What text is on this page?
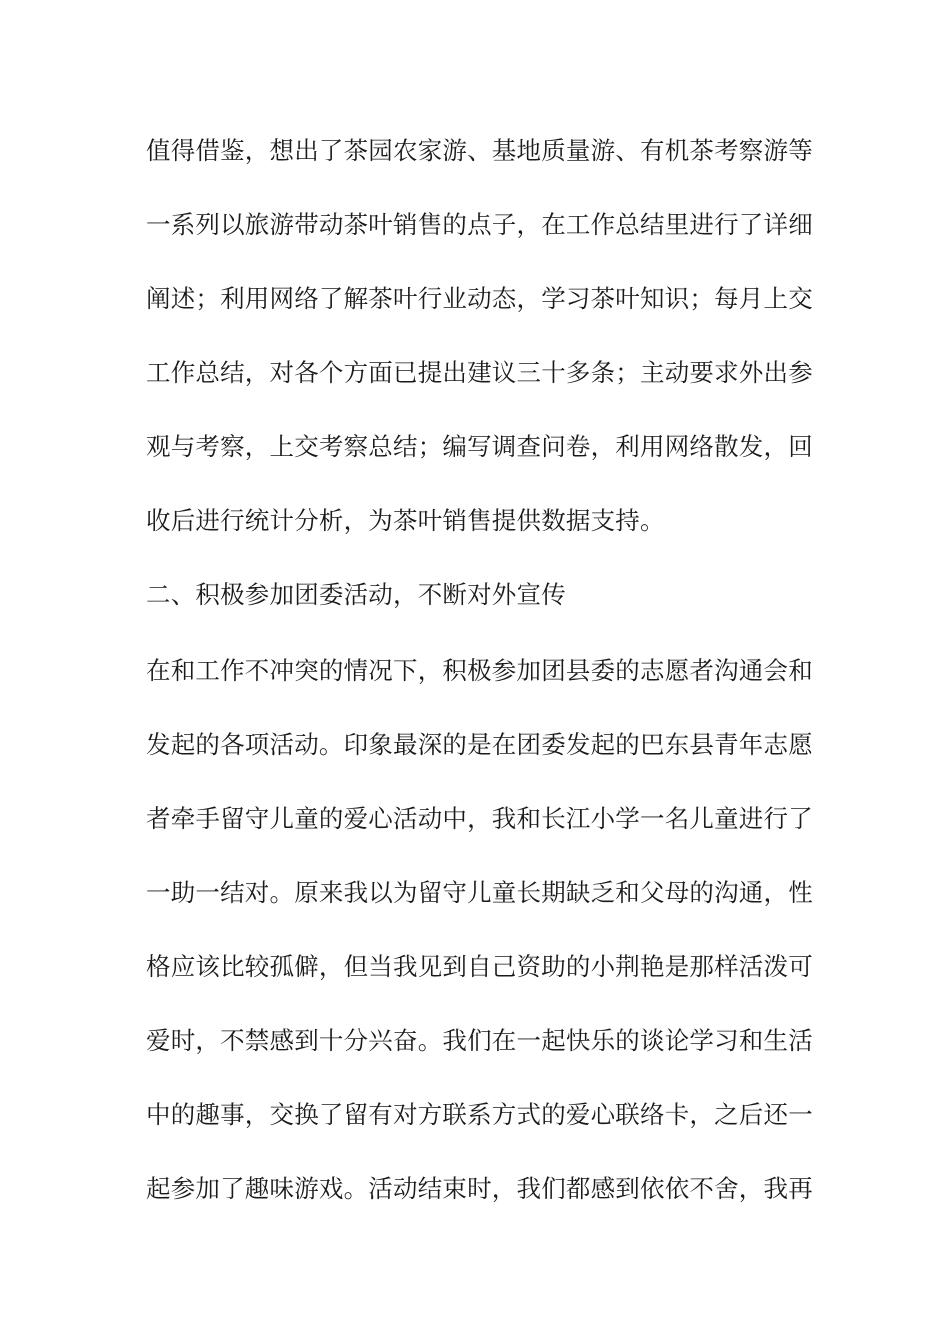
值得借鉴，想出了茶园农家游、基地质量游、有机茶考察游等
一系列以旅游带动茶叶销售的点子，在工作总结里进行了详细
阐述；利用网络了解茶叶行业动态，学习茶叶知识；每月上交
工作总结，对各个方面已提出建议三十多条；主动要求外出参
观与考察，上交考察总结；编写调查问卷，利用网络散发，回
收后进行统计分析，为茶叶销售提供数据支持。
二、积极参加团委活动，不断对外宣传
在和工作不冲突的情况下，积极参加团县委的志愿者沟通会和
发起的各项活动。印象最深的是在团委发起的巴东县青年志愿
者牵手留守儿童的爱心活动中，我和长江小学一名儿童进行了
一助一结对。原来我以为留守儿童长期缺乏和父母的沟通，性
格应该比较孤僻，但当我见到自己资助的小荆艳是那样活泼可
爱时，不禁感到十分兴奋。我们在一起快乐的谈论学习和生活
中的趣事，交换了留有对方联系方式的爱心联络卡，之后还一
起参加了趣味游戏。活动结束时，我们都感到依依不舍，我再
